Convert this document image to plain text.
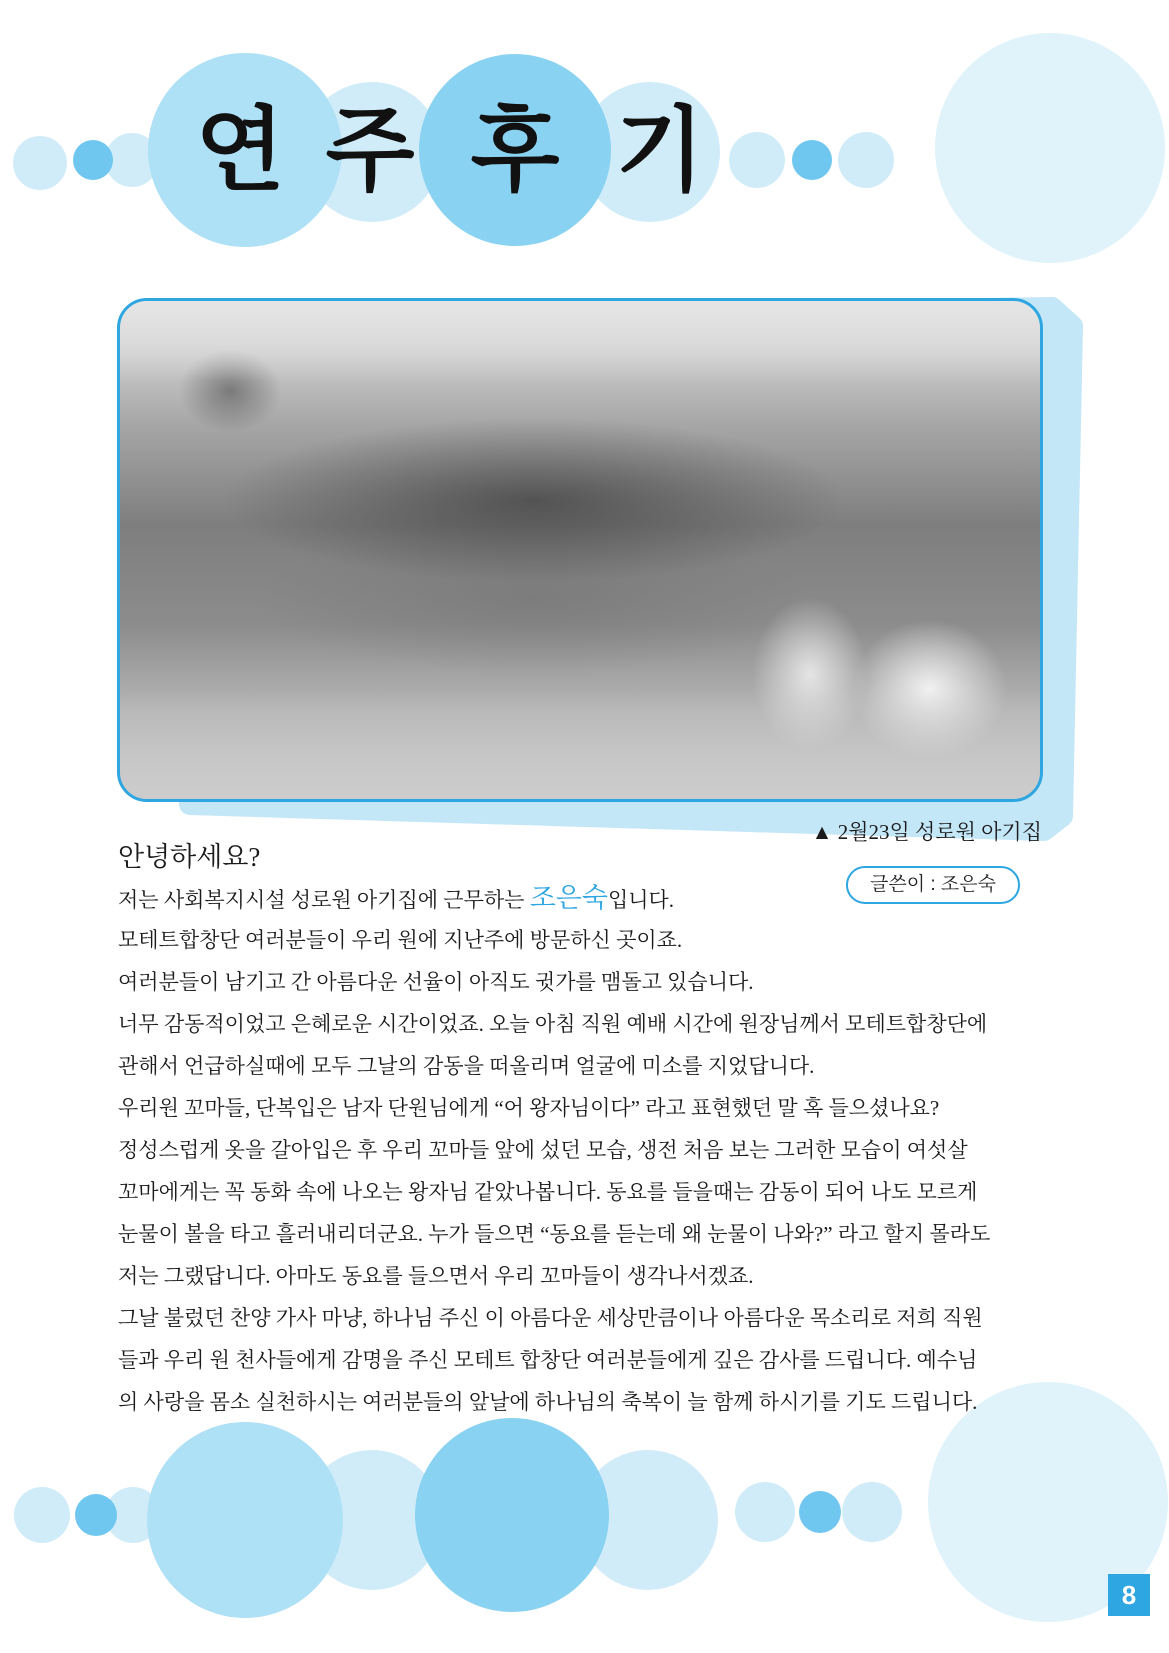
연 주 후 기
▲ 2월23일 성로원 아기집
글쓴이 : 조은숙
안녕하세요?
저는 사회복지시설 성로원 아기집에 근무하는 조은숙입니다.
모테트합창단 여러분들이 우리 원에 지난주에 방문하신 곳이죠.
여러분들이 남기고 간 아름다운 선율이 아직도 귓가를 맴돌고 있습니다.
너무 감동적이었고 은혜로운 시간이었죠. 오늘 아침 직원 예배 시간에 원장님께서 모테트합창단에
관해서 언급하실때에 모두 그날의 감동을 떠올리며 얼굴에 미소를 지었답니다.
우리원 꼬마들, 단복입은 남자 단원님에게 “어 왕자님이다” 라고 표현했던 말 혹 들으셨나요?
정성스럽게 옷을 갈아입은 후 우리 꼬마들 앞에 섰던 모습, 생전 처음 보는 그러한 모습이 여섯살
꼬마에게는 꼭 동화 속에 나오는 왕자님 같았나봅니다. 동요를 들을때는 감동이 되어 나도 모르게
눈물이 볼을 타고 흘러내리더군요. 누가 들으면 “동요를 듣는데 왜 눈물이 나와?” 라고 할지 몰라도
저는 그랬답니다. 아마도 동요를 들으면서 우리 꼬마들이 생각나서겠죠.
그날 불렀던 찬양 가사 마냥, 하나님 주신 이 아름다운 세상만큼이나 아름다운 목소리로 저희 직원
들과 우리 원 천사들에게 감명을 주신 모테트 합창단 여러분들에게 깊은 감사를 드립니다. 예수님
의 사랑을 몸소 실천하시는 여러분들의 앞날에 하나님의 축복이 늘 함께 하시기를 기도 드립니다.
8
